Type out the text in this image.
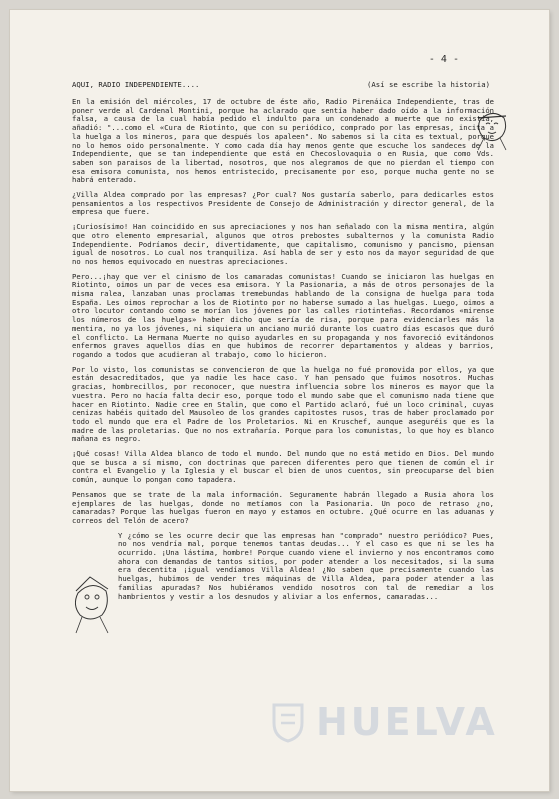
- 4 -
AQUI, RADIO INDEPENDIENTE....	(Así se escribe la historia)

En la emisión del miércoles, 17 de octubre de éste año, Radio Pirenáica Independiente, tras de poner verde al Cardenal Montini, porque ha aclarado que sentía haber dado oído a la información falsa, a causa de la cual había pedido el indulto para un condenado a muerte que no existía, añadió: "...como el «Cura de Riotinto, que con su periódico, comprado por las empresas, incita a la huelga a los mineros, para que después los apaleen". No sabemos si la cita es textual, porque no lo hemos oido personalmente. Y como cada día hay menos gente que escuche los sandeces de la Independiente, que se tan independiente que está en Checoslovaquia o en Rusia, que como Vds. saben son paraisos de la libertad, nosotros, que nos alegramos de que no pierdan el tiempo con esa emisora comunista, nos hemos entristecido, precisamente por eso, porque mucha gente no se habrá enterado.

¿Villa Aldea comprado por las empresas? ¿Por cual? Nos gustaría saberlo, para dedicarles estos pensamientos a los respectivos Presidente de Consejo de Administración y director general, de la empresa que fuere.

¡Curiosísimo! Han coincidido en sus apreciaciones y nos han señalado con la misma mentira, algún que otro elemento empresarial, algunos que otros prebostes subalternos y la comunista Radio Independiente. Podríamos decir, divertidamente, que capitalismo, comunismo y pancismo, piensan igual de nosotros. Lo cual nos tranquiliza. Así habla de ser y esto nos da mayor seguridad de que no nos hemos equivocado en nuestras apreciaciones.

Pero...¡hay que ver el cinismo de los camaradas comunistas! Cuando se iniciaron las huelgas en Riotinto, oimos un par de veces esa emisora. Y la Pasionaria, a más de otros personajes de la misma ralea, lanzaban unas proclamas tremebundas hablando de la consigna de huelga para toda España. Les oimos reprochar a los de Riotinto por no haberse sumado a las huelgas. Luego, oimos a otro locutor contando como se morían los jóvenes por las calles riotinteñas. Recordamos «mirense los números de las huelgas» haber dicho que sería de risa, porque para evidenciarles más la mentira, no ya los jóvenes, ni siquiera un anciano murió durante los cuatro días escasos que duró el conflicto. La Hermana Muerte no quiso ayudarles en su propaganda y nos favoreció evitándonos enfermos graves aquellos días en que hubimos de recorrer departamentos y aldeas y barrios, rogando a todos que acudieran al trabajo, como lo hicieron.

Por lo visto, los comunistas se convencieron de que la huelga no fué promovida por ellos, ya que están desacreditados, que ya nadie les hace caso. Y han pensado que fuimos nosotros. Muchas gracias, hombrecillos, por reconocer, que nuestra influencia sobre los mineros es mayor que la vuestra. Pero no hacía falta decir eso, porque todo el mundo sabe que el comunismo nada tiene que hacer en Riotinto. Nadie cree en Stalin, que como el Partido aclaró, fué un loco criminal, cuyas cenizas habéis quitado del Mausoleo de los grandes capitostes rusos, tras de haber proclamado por todo el mundo que era el Padre de los Proletarios. Ni en Kruschef, aunque aseguréis que es la madre de las proletarias. Que no nos extrañaría. Porque para los comunistas, lo que hoy es blanco mañana es negro.

¡Qué cosas! Villa Aldea blanco de todo el mundo. Del mundo que no está metido en Dios. Del mundo que se busca a sí mismo, con doctrinas que parecen diferentes pero que tienen de común el ir contra el Evangelio y la Iglesia y el buscar el bien de unos cuentos, sin preocuparse del bien común, aunque lo pongan como tapadera.

Pensamos que se trate de la mala información. Seguramente habrán llegado a Rusia ahora los ejemplares de las huelgas, donde no metíamos con la Pasionaria. Un poco de retraso ¿no, camaradas? Porque las huelgas fueron en mayo y estamos en octubre. ¿Qué ocurre en las aduanas y correos del Telón de acero?

Y ¿cómo se les ocurre decir que las empresas han "comprado" nuestro periódico? Pues, no nos vendría mal, porque tenemos tantas deudas... Y el caso es que ni se les ha ocurrido. ¡Una lástima, hombre! Porque cuando viene el invierno y nos encontramos como ahora con demandas de tantos sitios, por poder atender a los necesitados, si la suma era decentita ¡igual vendíamos Villa Aldea! ¿No saben que precisamente cuando las huelgas, hubimos de vender tres máquinas de Villa Aldea, para poder atender a las familias apuradas? Nos hubiéramos vendido nosotros con tal de remediar a los hambrientos y vestir a los desnudos y aliviar a los enfermos, camaradas...

HUELVA
